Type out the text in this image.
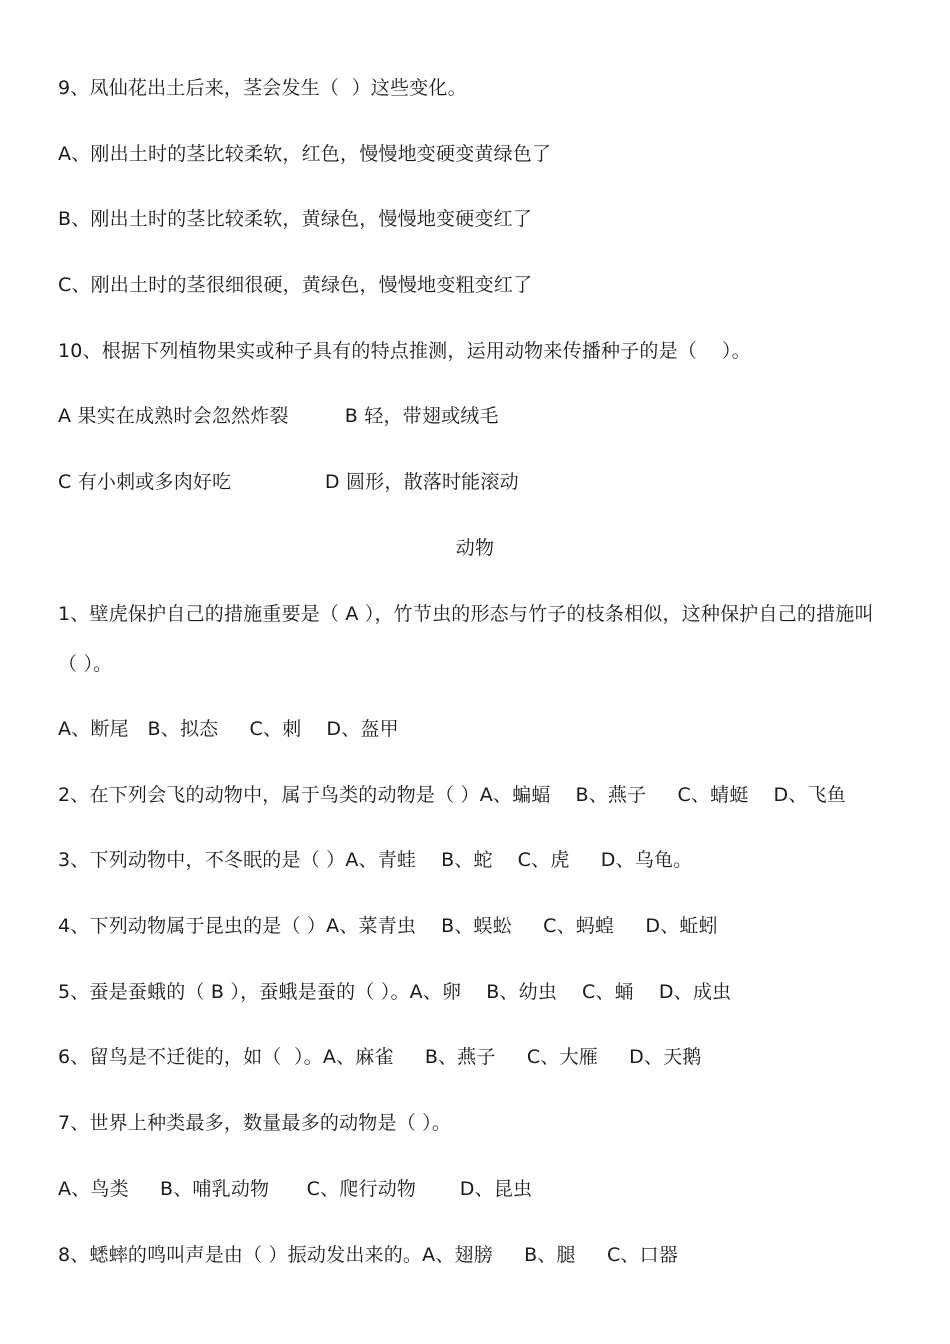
9、凤仙花出土后来，茎会发生（  ）这些变化。
A、刚出土时的茎比较柔软，红色，慢慢地变硬变黄绿色了
B、刚出土时的茎比较柔软，黄绿色，慢慢地变硬变红了
C、刚出土时的茎很细很硬，黄绿色，慢慢地变粗变红了
10、根据下列植物果实或种子具有的特点推测，运用动物来传播种子的是（    ）。
A 果实在成熟时会忽然炸裂         B 轻，带翅或绒毛
C 有小刺或多肉好吃               D 圆形，散落时能滚动
动物
1、壁虎保护自己的措施重要是（ A ），竹节虫的形态与竹子的枝条相似，这种保护自己的措施叫
（ ）。
A、断尾   B、拟态     C、刺    D、盔甲
2、在下列会飞的动物中，属于鸟类的动物是（ ）A、蝙蝠    B、燕子     C、蜻蜓    D、飞鱼
3、下列动物中，不冬眠的是（ ）A、青蛙    B、蛇    C、虎     D、乌龟。
4、下列动物属于昆虫的是（ ）A、菜青虫    B、蜈蚣     C、蚂蝗     D、蚯蚓
5、蚕是蚕蛾的（ B ），蚕蛾是蚕的（ ）。A、卵    B、幼虫    C、蛹    D、成虫
6、留鸟是不迁徙的，如（  ）。A、麻雀     B、燕子     C、大雁     D、天鹅
7、世界上种类最多，数量最多的动物是（ ）。
A、鸟类     B、哺乳动物      C、爬行动物       D、昆虫
8、蟋蟀的鸣叫声是由（ ）振动发出来的。A、翅膀     B、腿     C、口器
